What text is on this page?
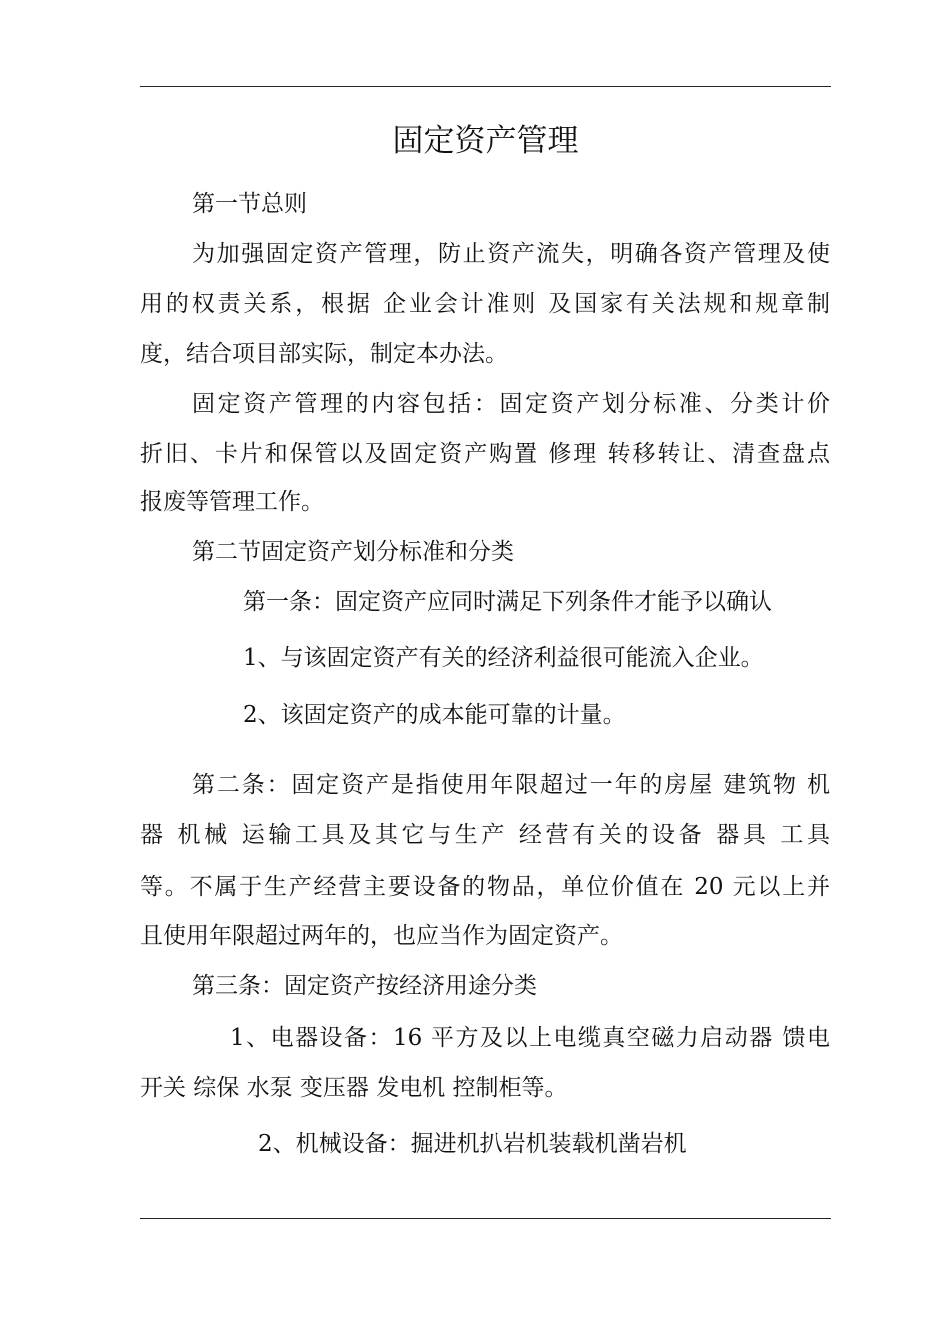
固定资产管理
第一节总则
为加强固定资产管理，防止资产流失，明确各资产管理及使
用的权责关系，根据 企业会计准则 及国家有关法规和规章制
度，结合项目部实际，制定本办法。
固定资产管理的内容包括：固定资产划分标准、分类计价
折旧、卡片和保管以及固定资产购置 修理 转移转让、清查盘点
报废等管理工作。
第二节固定资产划分标准和分类
第一条：固定资产应同时满足下列条件才能予以确认
1、与该固定资产有关的经济利益很可能流入企业。
2、该固定资产的成本能可靠的计量。
第二条：固定资产是指使用年限超过一年的房屋 建筑物 机
器 机械 运输工具及其它与生产 经营有关的设备 器具 工具
等。不属于生产经营主要设备的物品，单位价值在 20 元以上并
且使用年限超过两年的，也应当作为固定资产。
第三条：固定资产按经济用途分类
1、电器设备：16 平方及以上电缆真空磁力启动器 馈电
开关 综保 水泵 变压器 发电机 控制柜等。
2、机械设备：掘进机扒岩机装载机凿岩机
